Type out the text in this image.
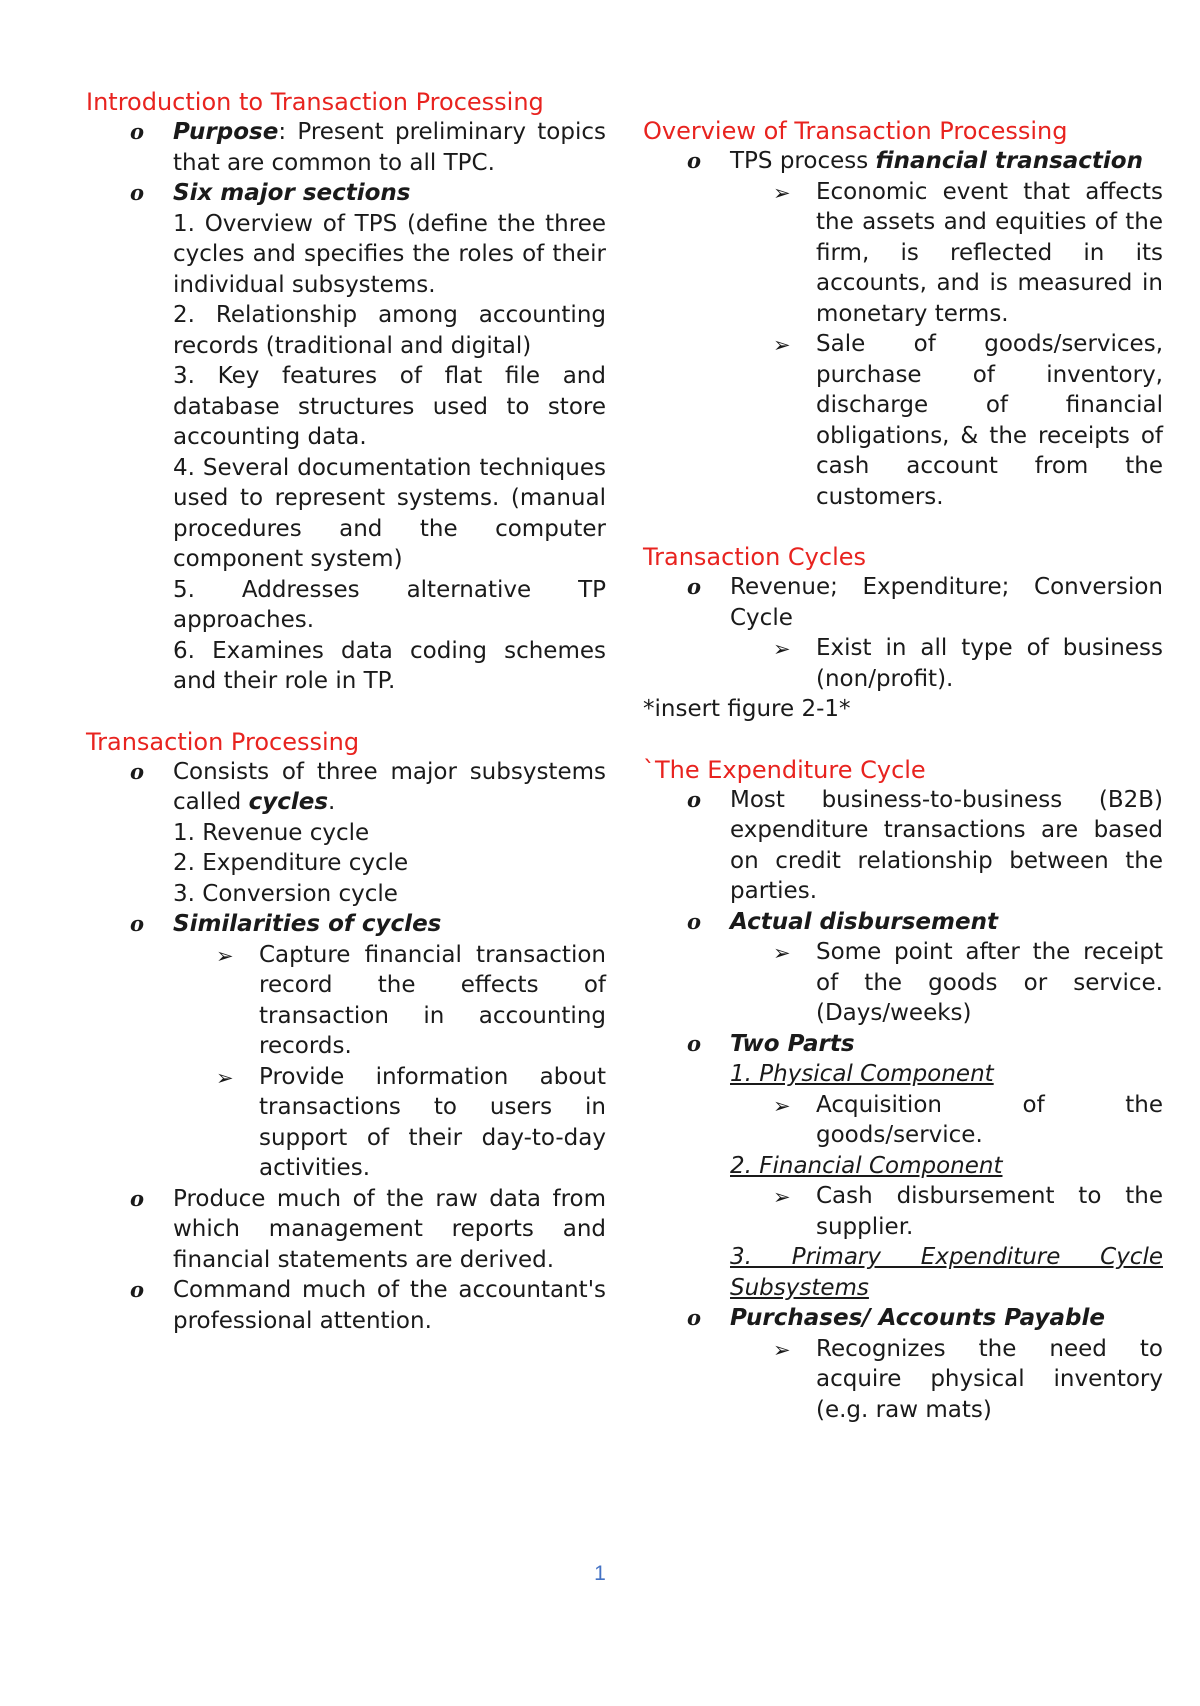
Introduction to Transaction Processing
o Purpose: Present preliminary topics that are common to all TPC.
o Six major sections
1. Overview of TPS (define the three cycles and specifies the roles of their individual subsystems.
2. Relationship among accounting records (traditional and digital)
3. Key features of flat file and database structures used to store accounting data.
4. Several documentation techniques used to represent systems. (manual procedures and the computer component system)
5. Addresses alternative TP approaches.
6. Examines data coding schemes and their role in TP.
Transaction Processing
o Consists of three major subsystems called cycles.
1. Revenue cycle
2. Expenditure cycle
3. Conversion cycle
o Similarities of cycles
➢ Capture financial transaction record the effects of transaction in accounting records.
➢ Provide information about transactions to users in support of their day-to-day activities.
o Produce much of the raw data from which management reports and financial statements are derived.
o Command much of the accountant's professional attention.
Overview of Transaction Processing
o TPS process financial transaction
➢ Economic event that affects the assets and equities of the firm, is reflected in its accounts, and is measured in monetary terms.
➢ Sale of goods/services, purchase of inventory, discharge of financial obligations, & the receipts of cash account from the customers.
Transaction Cycles
o Revenue; Expenditure; Conversion Cycle
➢ Exist in all type of business (non/profit).
*insert figure 2-1*
`The Expenditure Cycle
o Most business-to-business (B2B) expenditure transactions are based on credit relationship between the parties.
o Actual disbursement
➢ Some point after the receipt of the goods or service. (Days/weeks)
o Two Parts
1. Physical Component
➢ Acquisition of the goods/service.
2. Financial Component
➢ Cash disbursement to the supplier.
3. Primary Expenditure Cycle Subsystems
o Purchases/ Accounts Payable
➢ Recognizes the need to acquire physical inventory (e.g. raw mats)
1
